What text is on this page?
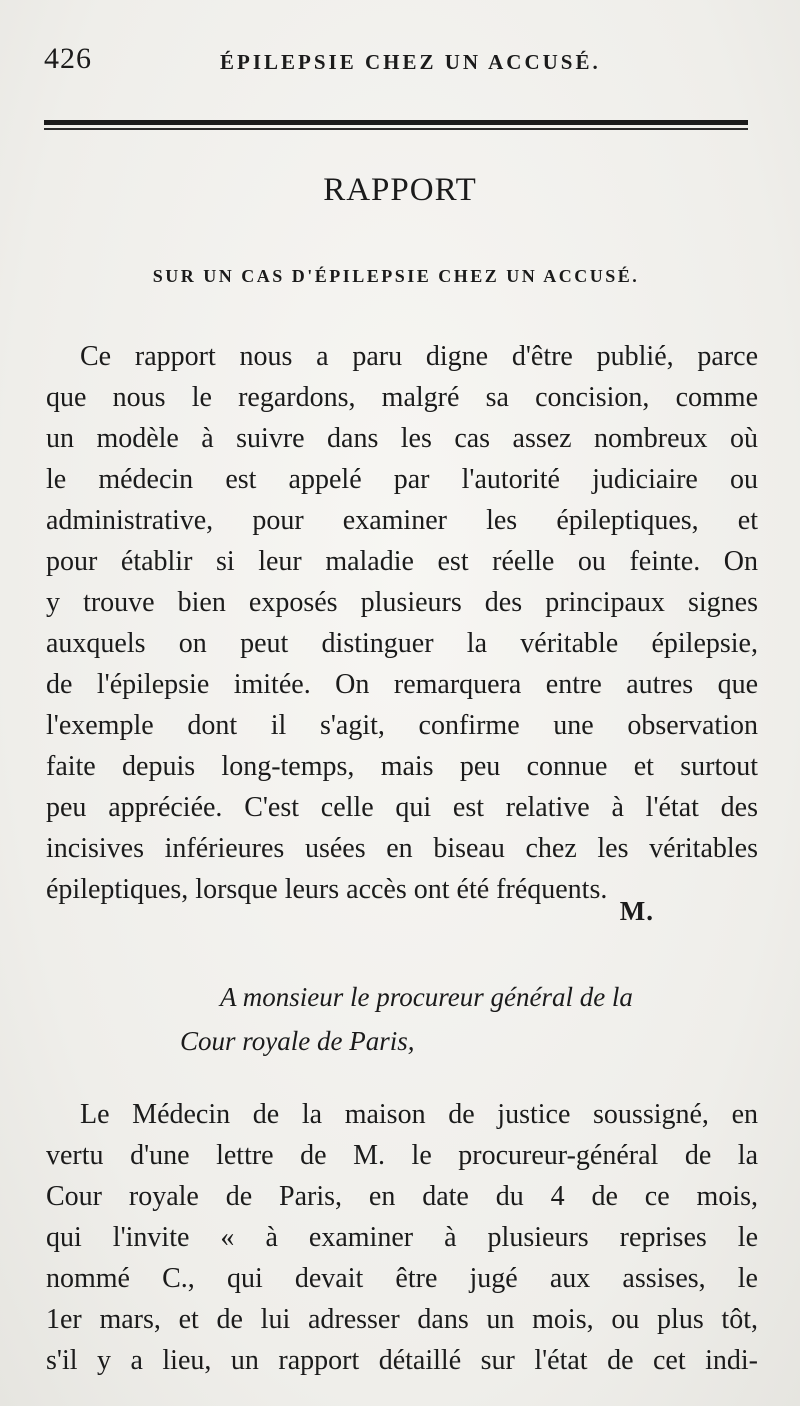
426	ÉPILEPSIE CHEZ UN ACCUSÉ.
RAPPORT
SUR UN CAS D'ÉPILEPSIE CHEZ UN ACCUSÉ.
Ce rapport nous a paru digne d'être publié, parce
que nous le regardons, malgré sa concision, comme
un modèle à suivre dans les cas assez nombreux où
le médecin est appelé par l'autorité judiciaire ou
administrative, pour examiner les épileptiques, et
pour établir si leur maladie est réelle ou feinte. On
y trouve bien exposés plusieurs des principaux signes
auxquels on peut distinguer la véritable épilepsie,
de l'épilepsie imitée. On remarquera entre autres que
l'exemple dont il s'agit, confirme une observation
faite depuis long-temps, mais peu connue et surtout
peu appréciée. C'est celle qui est relative à l'état des
incisives inférieures usées en biseau chez les véritables
épileptiques, lorsque leurs accès ont été fréquents.
M.
A monsieur le procureur général de la
Cour royale de Paris,
Le Médecin de la maison de justice soussigné, en
vertu d'une lettre de M. le procureur-général de la
Cour royale de Paris, en date du 4 de ce mois,
qui l'invite « à examiner à plusieurs reprises le
nommé C., qui devait être jugé aux assises, le
1er mars, et de lui adresser dans un mois, ou plus tôt,
s'il y a lieu, un rapport détaillé sur l'état de cet indi-
